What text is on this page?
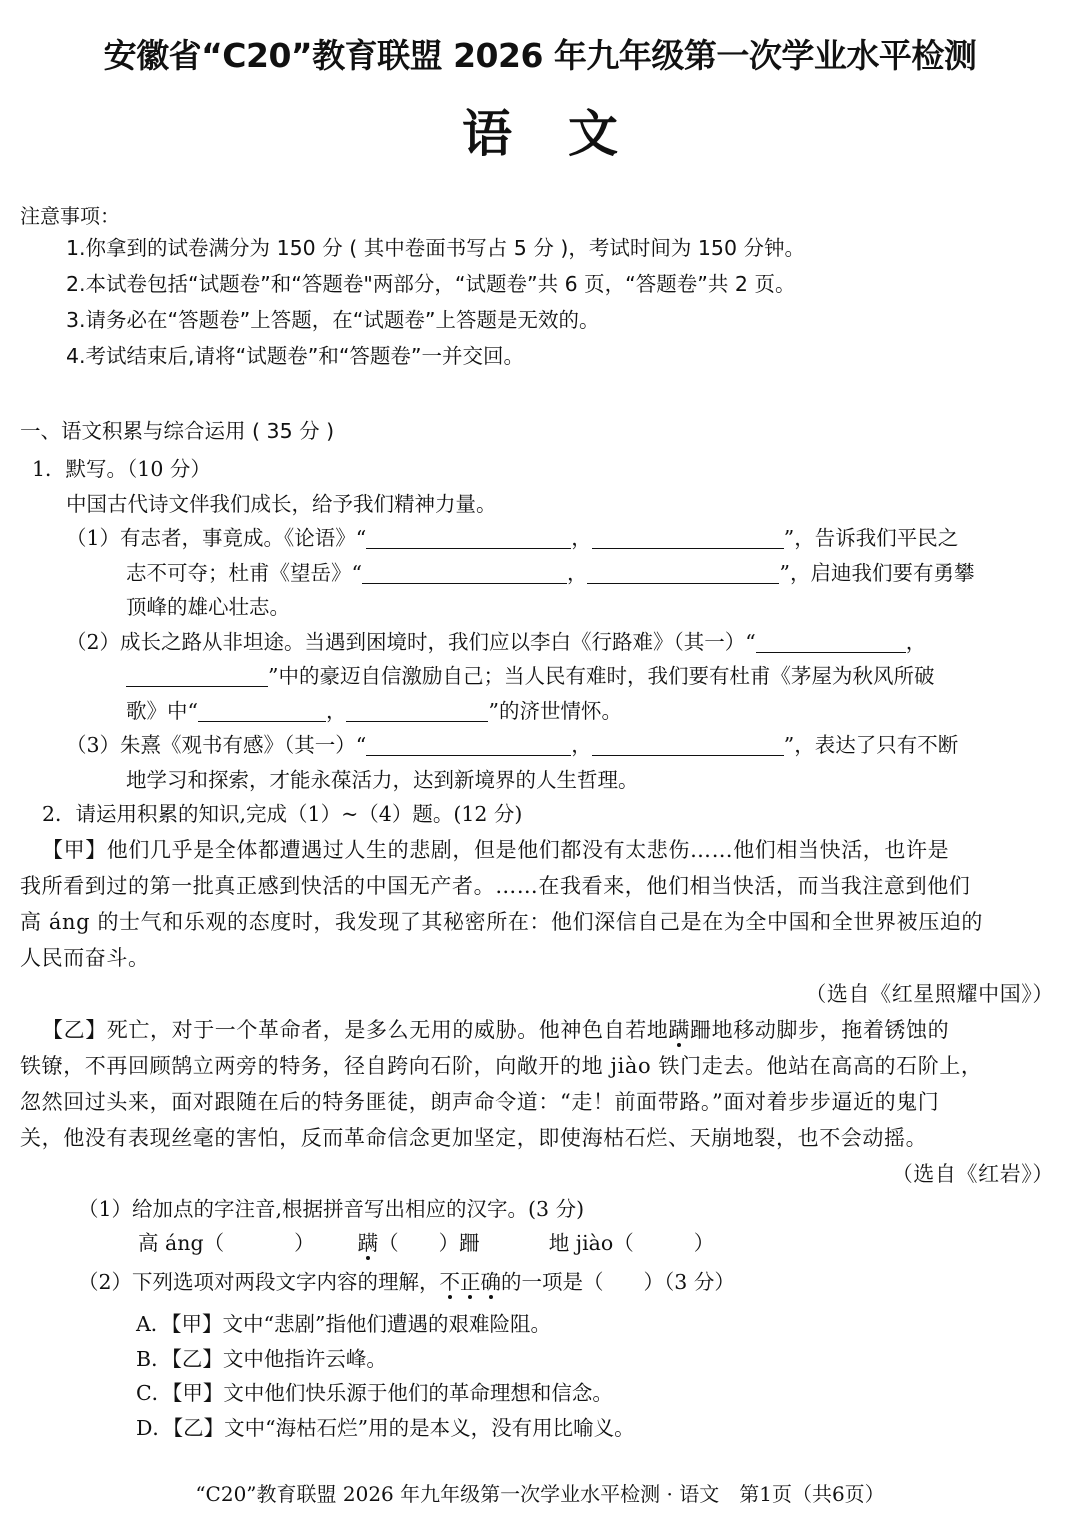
安徽省“C20”教育联盟 2026 年九年级第一次学业水平检测
语文
注意事项：
1.你拿到的试卷满分为 150 分 ( 其中卷面书写占 5 分 )，考试时间为 150 分钟。
2.本试卷包括“试题卷”和“答题卷"两部分，“试题卷”共 6 页，“答题卷”共 2 页。
3.请务必在“答题卷”上答题，在“试题卷”上答题是无效的。
4.考试结束后,请将“试题卷”和“答题卷”一并交回。
一、语文积累与综合运用 ( 35 分 )
1．默写。（10 分）
中国古代诗文伴我们成长，给予我们精神力量。
（1）有志者，事竟成。《论语》“	，	”，告诉我们平民之
志不可夺；杜甫《望岳》“	，	”，启迪我们要有勇攀
顶峰的雄心壮志。
（2）成长之路从非坦途。当遇到困境时，我们应以李白《行路难》（其一）“	，
”中的豪迈自信激励自己；当人民有难时，我们要有杜甫《茅屋为秋风所破
歌》中“	，	”的济世情怀。
（3）朱熹《观书有感》（其一）“	，	”，表达了只有不断
地学习和探索，才能永葆活力，达到新境界的人生哲理。
2．请运用积累的知识,完成（1）~（4）题。(12 分)
【甲】他们几乎是全体都遭遇过人生的悲剧，但是他们都没有太悲伤……他们相当快活，也许是
我所看到过的第一批真正感到快活的中国无产者。……在我看来，他们相当快活，而当我注意到他们
高 áng 的士气和乐观的态度时，我发现了其秘密所在：他们深信自己是在为全中国和全世界被压迫的
人民而奋斗。
（选自《红星照耀中国》）
【乙】死亡，对于一个革命者，是多么无用的威胁。他神色自若地蹒跚地移动脚步，拖着锈蚀的
铁镣，不再回顾鹄立两旁的特务，径自跨向石阶，向敞开的地 jiào 铁门走去。他站在高高的石阶上，
忽然回过头来，面对跟随在后的特务匪徒，朗声命令道：“走！前面带路。”面对着步步逼近的鬼门
关，他没有表现丝毫的害怕，反而革命信念更加坚定，即使海枯石烂、天崩地裂，也不会动摇。
（选自《红岩》）
（1）给加点的字注音,根据拼音写出相应的汉字。(3 分)
高 áng（	） 蹒（ ）跚	地 jiào（	）
（2）下列选项对两段文字内容的理解，不正确的一项是（ ）（3 分）
A．【甲】文中“悲剧”指他们遭遇的艰难险阻。
B．【乙】文中他指许云峰。
C．【甲】文中他们快乐源于他们的革命理想和信念。
D．【乙】文中“海枯石烂”用的是本义，没有用比喻义。
“C20”教育联盟 2026 年九年级第一次学业水平检测 · 语文　第1页（共6页）
